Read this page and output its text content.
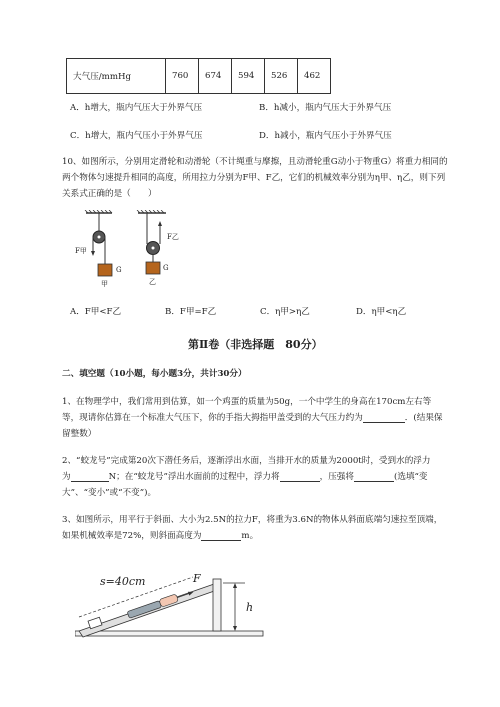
大气压/mmHg	760	674	594	526	462
A．h增大，瓶内气压大于外界气压	B．h减小，瓶内气压大于外界气压
C．h增大，瓶内气压小于外界气压	D．h减小，瓶内气压小于外界气压
10、如图所示，分别用定滑轮和动滑轮（不计绳重与摩擦，且动滑轮重G动小于物重G）将重力相同的
两个物体匀速提升相同的高度，所用拉力分别为F甲、F乙，它们的机械效率分别为η甲、η乙，则下列
关系式正确的是（　　）
F甲
G
甲
F乙
G
乙
A．F甲<F乙	B．F甲=F乙	C．η甲>η乙	D．η甲<η乙
第Ⅱ卷（非选择题　80分）
二、填空题（10小题，每小题3分，共计30分）
1、在物理学中，我们常用到估算，如一个鸡蛋的质量为50g，一个中学生的身高在170cm左右等
等，现请你估算在一个标准大气压下，你的手指大拇指甲盖受到的大气压力约为	．(结果保
留整数）
2、“蛟龙号”完成第20次下潜任务后，逐渐浮出水面，当排开水的质量为2000t时，受到水的浮力
为	N；在“蛟龙号”浮出水面前的过程中，浮力将	，压强将	(选填“变
大”、“变小”或“不变”)。
3、如图所示，用平行于斜面、大小为2.5N的拉力F，将重为3.6N的物体从斜面底端匀速拉至顶端，
如果机械效率是72%，则斜面高度为	m。
s=40cm	F
h
